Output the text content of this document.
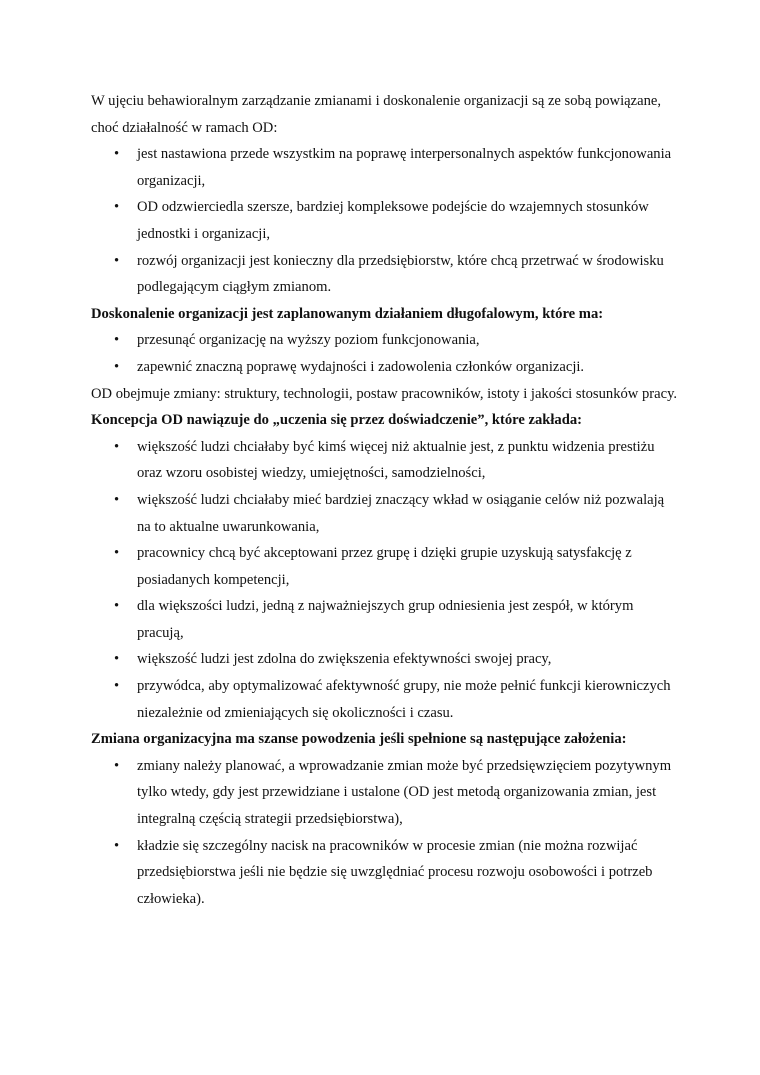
W ujęciu behawioralnym zarządzanie zmianami i doskonalenie organizacji są ze sobą powiązane, choć działalność w ramach OD:

• jest nastawiona przede wszystkim na poprawę interpersonalnych aspektów funkcjonowania organizacji,
• OD odzwierciedla szersze, bardziej kompleksowe podejście do wzajemnych stosunków jednostki i organizacji,
• rozwój organizacji jest konieczny dla przedsiębiorstw, które chcą przetrwać w środowisku podlegającym ciągłym zmianom.

Doskonalenie organizacji jest zaplanowanym działaniem długofalowym, które ma:

• przesunąć organizację na wyższy poziom funkcjonowania,
• zapewnić znaczną poprawę wydajności i zadowolenia członków organizacji.

OD obejmuje zmiany: struktury, technologii, postaw pracowników, istoty i jakości stosunków pracy.

Koncepcja OD nawiązuje do „uczenia się przez doświadczenie”, które zakłada:

• większość ludzi chciałaby być kimś więcej niż aktualnie jest, z punktu widzenia prestiżu oraz wzoru osobistej wiedzy, umiejętności, samodzielności,
• większość ludzi chciałaby mieć bardziej znaczący wkład w osiąganie celów niż pozwalają na to aktualne uwarunkowania,
• pracownicy chcą być akceptowani przez grupę i dzięki grupie uzyskują satysfakcję z posiadanych kompetencji,
• dla większości ludzi, jedną z najważniejszych grup odniesienia jest zespół, w którym pracują,
• większość ludzi jest zdolna do zwiększenia efektywności swojej pracy,
• przywódca, aby optymalizować afektywność grupy, nie może pełnić funkcji kierowniczych niezależnie od zmieniających się okoliczności i czasu.

Zmiana organizacyjna ma szanse powodzenia jeśli spełnione są następujące założenia:

• zmiany należy planować, a wprowadzanie zmian może być przedsięwzięciem pozytywnym tylko wtedy, gdy jest przewidziane i ustalone (OD jest metodą organizowania zmian, jest integralną częścią strategii przedsiębiorstwa),
• kładzie się szczególny nacisk na pracowników w procesie zmian (nie można rozwijać przedsiębiorstwa jeśli nie będzie się uwzględniać procesu rozwoju osobowości i potrzeb człowieka).
